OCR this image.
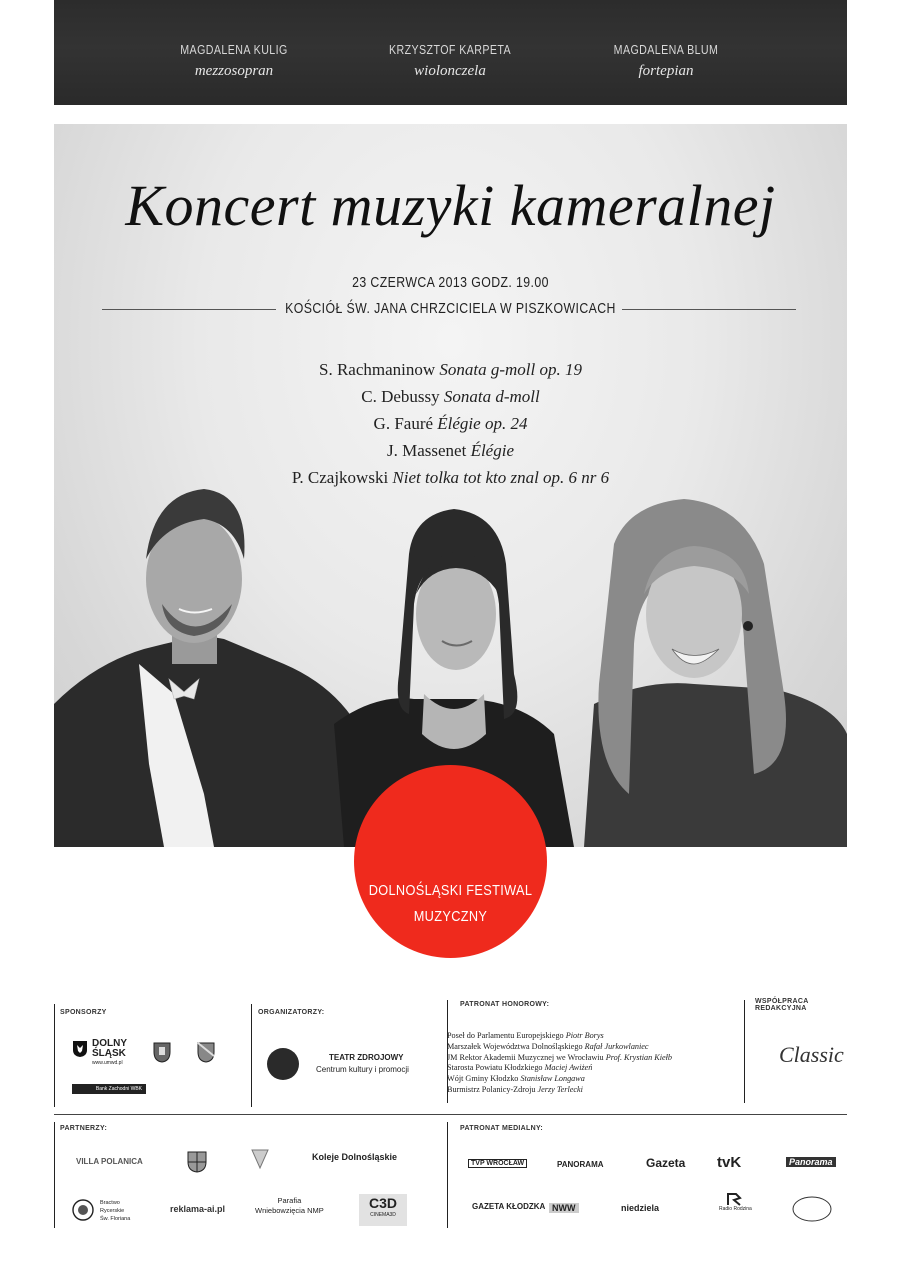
MAGDALENA KULIG
mezzosopran
KRZYSZTOF KARPETA
wiolonczela
MAGDALENA BLUM
fortepian
Koncert muzyki kameralnej
23 CZERWCA 2013 GODZ. 19.00
KOŚCIÓŁ ŚW. JANA CHRZCICIELA W PISZKOWICACH
S. Rachmaninow Sonata g-moll op. 19
C. Debussy Sonata d-moll
G. Fauré Élégie op. 24
J. Massenet Élégie
P. Czajkowski Niet tolka tot kto znal op. 6 nr 6
DOLNOŚLĄSKI FESTIWAL
MUZYCZNY
SPONSORZY	ORGANIZATORZY:
PATRONAT HONOROWY:	WSPÓŁPRACA REDAKCYJNA
PARTNERZY:	PATRONAT MEDIALNY:
DOLNY
ŚLĄSK
www.umwd.pl
Bank Zachodni WBK
TEATR ZDROJOWY
Centrum kultury i promocji
Poseł do Parlamentu Europejskiego Piotr Borys
Marszałek Województwa Dolnośląskiego Rafał Jurkowlaniec
JM Rektor Akademii Muzycznej we Wrocławiu Prof. Krystian Kiełb
Starosta Powiatu Kłodzkiego Maciej Awiżeń
Wójt Gminy Kłodzko Stanisław Longawa
Burmistrz Polanicy-Zdroju Jerzy Terlecki
Classic
VILLA POLANICA	Koleje Dolnośląskie
Bractwo
Rycerskie
Św. Floriana
reklama-ai.pl
Parafia
Wniebowzięcia NMP	C3D
CINEMA3D
TVP WROCŁAW	PANORAMA	Gazeta tvK	Panorama
GAZETA KŁODZKA NWW	niedziela	Radio Rodzina
